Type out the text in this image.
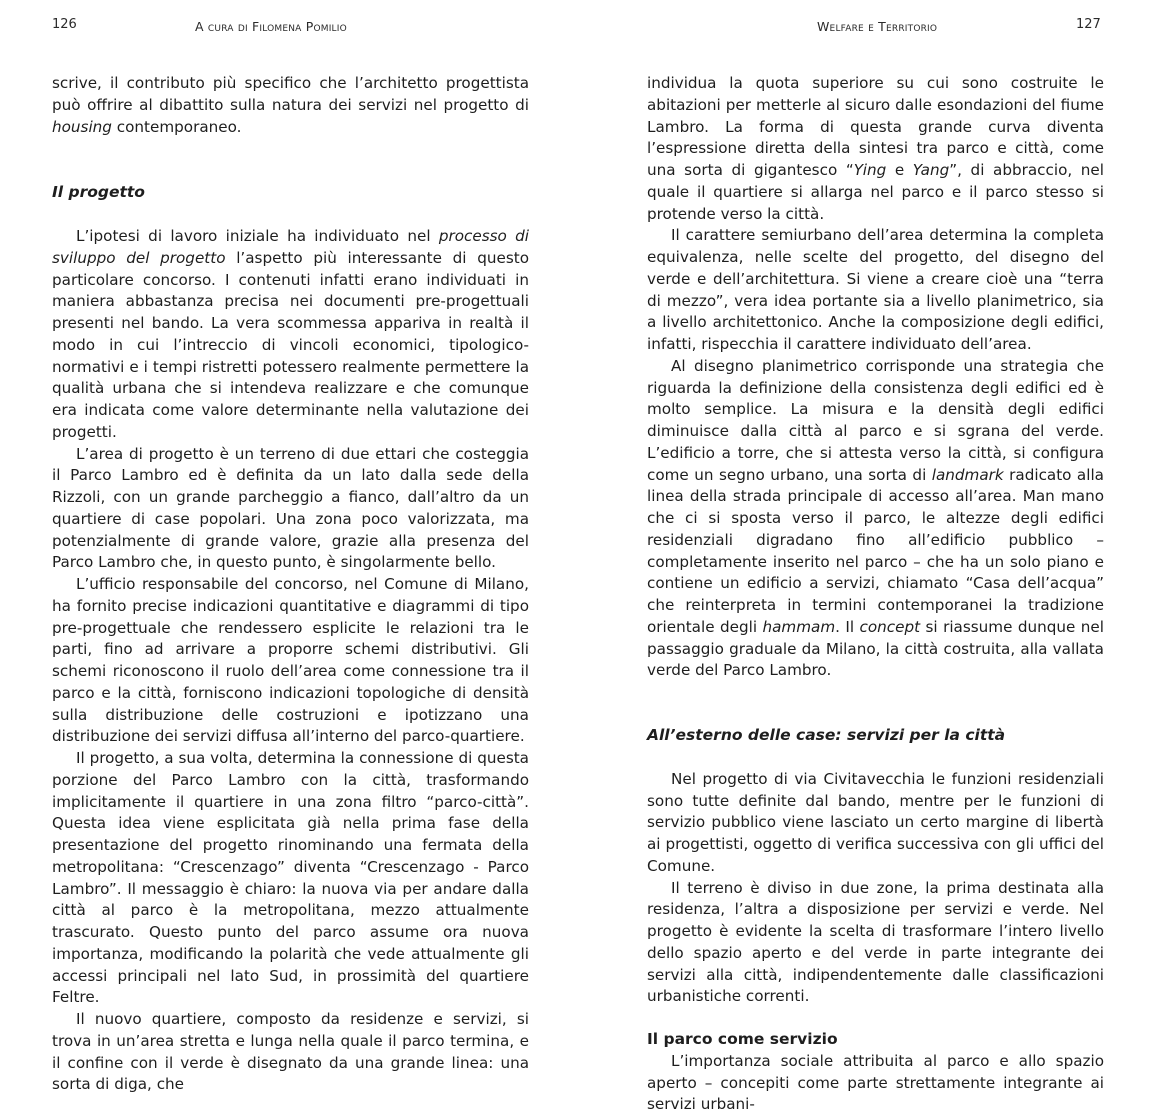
126	A cura di Filomena Pomilio

scrive, il contributo più specifico che l’architetto progettista può offrire al dibattito sulla natura dei servizi nel progetto di housing contemporaneo.

Il progetto

L’ipotesi di lavoro iniziale ha individuato nel processo di sviluppo del progetto l’aspetto più interessante di questo particolare concorso. I contenuti infatti erano individuati in maniera abbastanza precisa nei documenti pre-progettuali presenti nel bando. La vera scommessa appariva in realtà il modo in cui l’intreccio di vincoli economici, tipologico-normativi e i tempi ristretti potessero realmente permettere la qualità urbana che si intendeva realizzare e che comunque era indicata come valore determinante nella valutazione dei progetti.

L’area di progetto è un terreno di due ettari che costeggia il Parco Lambro ed è definita da un lato dalla sede della Rizzoli, con un grande parcheggio a fianco, dall’altro da un quartiere di case popolari. Una zona poco valorizzata, ma potenzialmente di grande valore, grazie alla presenza del Parco Lambro che, in questo punto, è singolarmente bello.

L’ufficio responsabile del concorso, nel Comune di Milano, ha fornito precise indicazioni quantitative e diagrammi di tipo pre-progettuale che rendessero esplicite le relazioni tra le parti, fino ad arrivare a proporre schemi distributivi. Gli schemi riconoscono il ruolo dell’area come connessione tra il parco e la città, forniscono indicazioni topologiche di densità sulla distribuzione delle costruzioni e ipotizzano una distribuzione dei servizi diffusa all’interno del parco-quartiere.

Il progetto, a sua volta, determina la connessione di questa porzione del Parco Lambro con la città, trasformando implicitamente il quartiere in una zona filtro “parco-città”. Questa idea viene esplicitata già nella prima fase della presentazione del progetto rinominando una fermata della metropolitana: “Crescenzago” diventa “Crescenzago - Parco Lambro”. Il messaggio è chiaro: la nuova via per andare dalla città al parco è la metropolitana, mezzo attualmente trascurato. Questo punto del parco assume ora nuova importanza, modificando la polarità che vede attualmente gli accessi principali nel lato Sud, in prossimità del quartiere Feltre.

Il nuovo quartiere, composto da residenze e servizi, si trova in un’area stretta e lunga nella quale il parco termina, e il confine con il verde è disegnato da una grande linea: una sorta di diga, che

Welfare e Territorio	127

individua la quota superiore su cui sono costruite le abitazioni per metterle al sicuro dalle esondazioni del fiume Lambro. La forma di questa grande curva diventa l’espressione diretta della sintesi tra parco e città, come una sorta di gigantesco “Ying e Yang”, di abbraccio, nel quale il quartiere si allarga nel parco e il parco stesso si protende verso la città.

Il carattere semiurbano dell’area determina la completa equivalenza, nelle scelte del progetto, del disegno del verde e dell’architettura. Si viene a creare cioè una “terra di mezzo”, vera idea portante sia a livello planimetrico, sia a livello architettonico. Anche la composizione degli edifici, infatti, rispecchia il carattere individuato dell’area.

Al disegno planimetrico corrisponde una strategia che riguarda la definizione della consistenza degli edifici ed è molto semplice. La misura e la densità degli edifici diminuisce dalla città al parco e si sgrana del verde. L’edificio a torre, che si attesta verso la città, si configura come un segno urbano, una sorta di landmark radicato alla linea della strada principale di accesso all’area. Man mano che ci si sposta verso il parco, le altezze degli edifici residenziali digradano fino all’edificio pubblico – completamente inserito nel parco – che ha un solo piano e contiene un edificio a servizi, chiamato “Casa dell’acqua” che reinterpreta in termini contemporanei la tradizione orientale degli hammam. Il concept si riassume dunque nel passaggio graduale da Milano, la città costruita, alla vallata verde del Parco Lambro.

All’esterno delle case: servizi per la città

Nel progetto di via Civitavecchia le funzioni residenziali sono tutte definite dal bando, mentre per le funzioni di servizio pubblico viene lasciato un certo margine di libertà ai progettisti, oggetto di verifica successiva con gli uffici del Comune.

Il terreno è diviso in due zone, la prima destinata alla residenza, l’altra a disposizione per servizi e verde. Nel progetto è evidente la scelta di trasformare l’intero livello dello spazio aperto e del verde in parte integrante dei servizi alla città, indipendentemente dalle classificazioni urbanistiche correnti.

Il parco come servizio

L’importanza sociale attribuita al parco e allo spazio aperto – concepiti come parte strettamente integrante ai servizi urbani-
